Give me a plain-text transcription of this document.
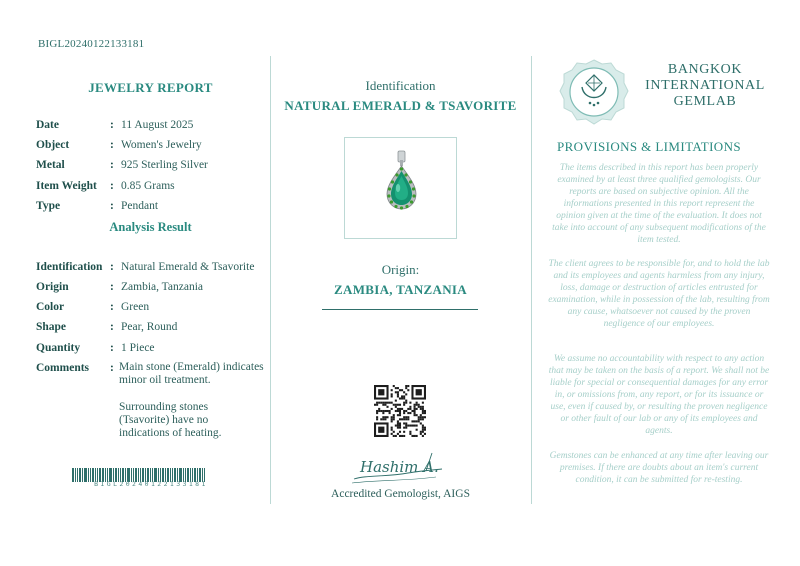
BIGL20240122133181
JEWELRY REPORT
Date	: 11 August 2025
Object	: Women's Jewelry
Metal	: 925 Sterling Silver
Item Weight	: 0.85 Grams
Type	: Pendant
Analysis Result
Identification : Natural Emerald & Tsavorite
Origin	: Zambia, Tanzania
Color	: Green
Shape	: Pear, Round
Quantity	: 1 Piece
Comments	: Main stone (Emerald) indicates minor oil treatment.
Surrounding stones (Tsavorite) have no indications of heating.
BIGL20240122133181
Identification
NATURAL EMERALD & TSAVORITE
Origin:
ZAMBIA, TANZANIA
Hashim A.
Accredited Gemologist, AIGS
BANGKOK
INTERNATIONAL
GEMLAB
PROVISIONS & LIMITATIONS
The items described in this report has been properly examined by at least three qualified gemologists. Our reports are based on subjective opinion. All the informations presented in this report represent the opinion given at the time of the evaluation. It does not take into account of any subsequent modifications of the item tested.
The client agrees to be responsible for, and to hold the lab and its employees and agents harmless from any injury, loss, damage or destruction of articles entrusted for examination, while in possession of the lab, resulting from any cause, whatsoever not caused by the proven negligence of our employees.
We assume no accountability with respect to any action that may be taken on the basis of a report. We shall not be liable for special or consequential damages for any error in, or omissions from, any report, or for its issuance or use, even if caused by, or resulting the proven negligence or other fault of our lab or any of its employees and agents.
Gemstones can be enhanced at any time after leaving our premises. If there are doubts about an item's current condition, it can be submitted for re-testing.
